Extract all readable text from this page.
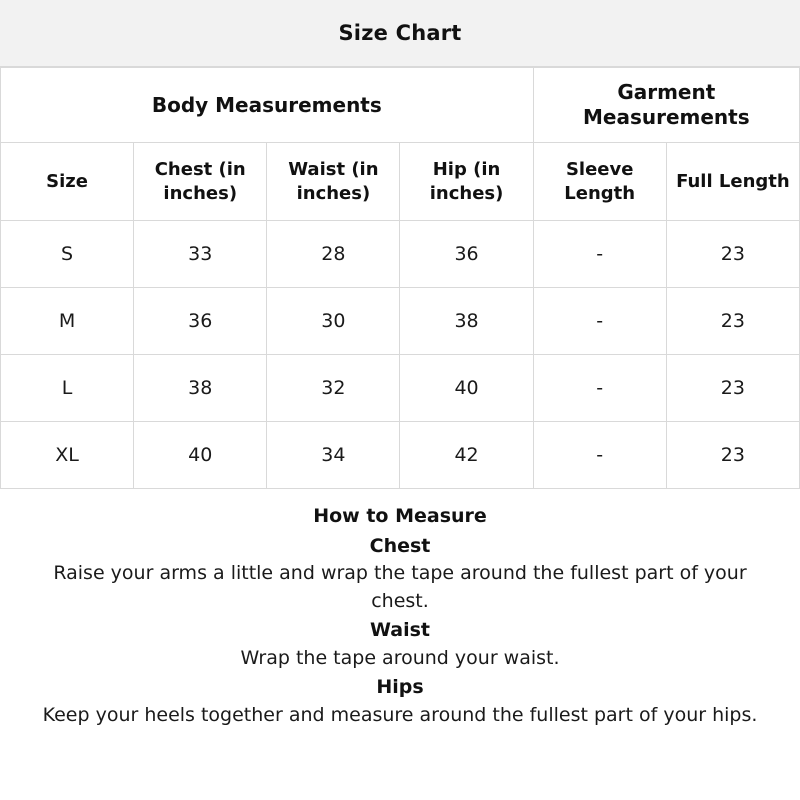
Size Chart
Body Measurements				Garment Measurements	
Size	Chest (in inches)	Waist (in inches)	Hip (in inches)	Sleeve Length	Full Length
S	33	28	36	-	23
M	36	30	38	-	23
L	38	32	40	-	23
XL	40	34	42	-	23

How to Measure

Chest

Raise your arms a little and wrap the tape around the fullest part of your chest.

Waist

Wrap the tape around your waist.

Hips

Keep your heels together and measure around the fullest part of your hips.
